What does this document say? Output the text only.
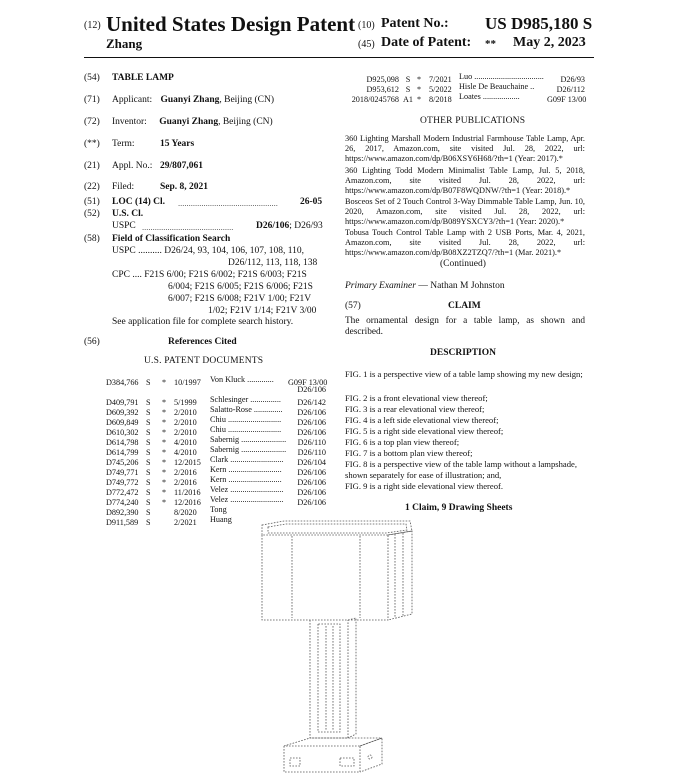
(12) United States Design Patent
Zhang
(10) Patent No.: US D985,180 S
(45) Date of Patent: ** May 2, 2023
(54) TABLE LAMP
(71) Applicant: Guanyi Zhang, Beijing (CN)
(72) Inventor: Guanyi Zhang, Beijing (CN)
(**) Term:	15 Years
(21) Appl. No.: 29/807,061
(22) Filed:	Sep. 8, 2021
(51) LOC (14) Cl. ............................................... 26-05
(52) U.S. Cl.
USPC ........................................... D26/106; D26/93
(58) Field of Classification Search
USPC .......... D26/24, 93, 104, 106, 107, 108, 110,
D26/112, 113, 118, 138
CPC .... F21S 6/00; F21S 6/002; F21S 6/003; F21S
6/004; F21S 6/005; F21S 6/006; F21S
6/007; F21S 6/008; F21V 1/00; F21V
1/02; F21V 1/14; F21V 3/00
See application file for complete search history.
(56)	References Cited
U.S. PATENT DOCUMENTS
D384,766 S * 10/1997 Von Kluck ............. G09F 13/00
D26/106
D409,791 S * 5/1999 Schlesinger ............... D26/142
D609,392 S * 2/2010 Salatto-Rose .............. D26/106
D609,849 S * 2/2010 Chiu .......................... D26/106
D610,302 S * 2/2010 Chiu .......................... D26/106
D614,798 S * 4/2010 Sabernig ...................... D26/110
D614,799 S * 4/2010 Sabernig ...................... D26/110
D745,206 S * 12/2015 Clark .......................... D26/104
D749,771 S * 2/2016 Kern .......................... D26/106
D749,772 S * 2/2016 Kern .......................... D26/106
D772,472 S * 11/2016 Velez .......................... D26/106
D774,240 S * 12/2016 Velez .......................... D26/106
D892,390 S	8/2020 Tong
D911,589 S	2/2021 Huang
D925,098 S * 7/2021 Luo .................................. D26/93
D953,612 S * 5/2022 Hisle De Beauchaine ..	D26/112
2018/0245768 A1 * 8/2018 Loates ..................	G09F 13/00
OTHER PUBLICATIONS
360 Lighting Marshall Modern Industrial Farmhouse Table Lamp, Apr. 26, 2017, Amazon.com, site visited Jul. 28, 2022, url: https://www.amazon.com/dp/B06XSY6H68/?th=1 (Year: 2017).*
360 Lighting Todd Modern Minimalist Table Lamp, Jul. 5, 2018, Amazon.com, site visited Jul. 28, 2022, url: https://www.amazon.com/dp/B07F8WQDNW/?th=1 (Year: 2018).*
Bosceos Set of 2 Touch Control 3-Way Dimmable Table Lamp, Jun. 10, 2020, Amazon.com, site visited Jul. 28, 2022, url: https://www.amazon.com/dp/B089YSXCY3/?th=1 (Year: 2020).*
Tobusa Touch Control Table Lamp with 2 USB Ports, Mar. 4, 2021, Amazon.com, site visited Jul. 28, 2022, url: https://www.amazon.com/dp/B08XZ2TZQ7/?th=1 (Mar. 2021).*
(Continued)
Primary Examiner — Nathan M Johnston
(57)	CLAIM
The ornamental design for a table lamp, as shown and described.
DESCRIPTION
FIG. 1 is a perspective view of a table lamp showing my new design;
FIG. 2 is a front elevational view thereof;
FIG. 3 is a rear elevational view thereof;
FIG. 4 is a left side elevational view thereof;
FIG. 5 is a right side elevational view thereof;
FIG. 6 is a top plan view thereof;
FIG. 7 is a bottom plan view thereof;
FIG. 8 is a perspective view of the table lamp without a lampshade, shown separately for ease of illustration; and,
FIG. 9 is a right side elevational view thereof.
1 Claim, 9 Drawing Sheets
